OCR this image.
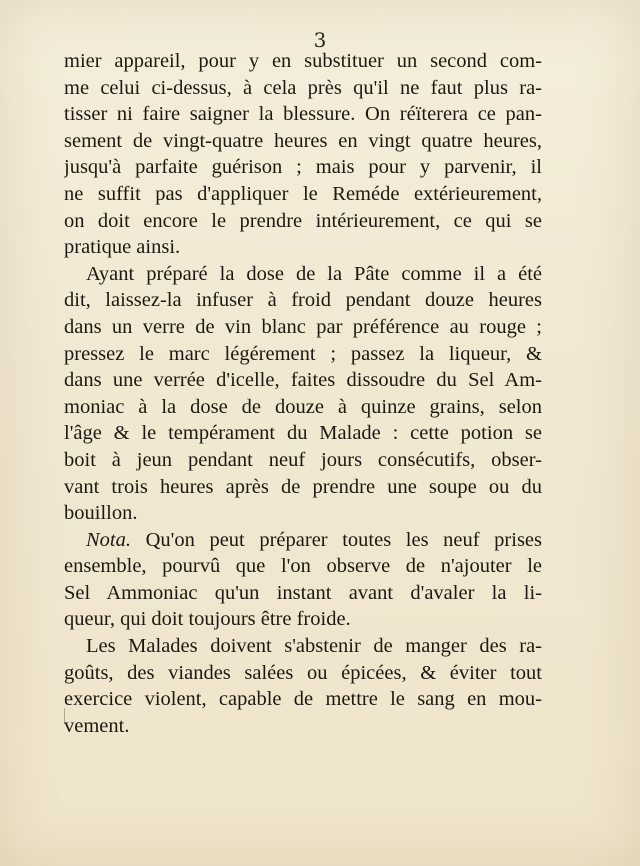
3
mier appareil, pour y en substituer un second com-
me celui ci-dessus, à cela près qu'il ne faut plus ra-
tisser ni faire saigner la blessure. On réïterera ce pan-
sement de vingt-quatre heures en vingt quatre heures,
jusqu'à parfaite guérison ; mais pour y parvenir, il
ne suffit pas d'appliquer le Reméde extérieurement,
on doit encore le prendre intérieurement, ce qui se
pratique ainsi.
Ayant préparé la dose de la Pâte comme il a été
dit, laissez-la infuser à froid pendant douze heures
dans un verre de vin blanc par préférence au rouge ;
pressez le marc légérement ; passez la liqueur, &
dans une verrée d'icelle, faites dissoudre du Sel Am-
moniac à la dose de douze à quinze grains, selon
l'âge & le tempérament du Malade : cette potion se
boit à jeun pendant neuf jours consécutifs, obser-
vant trois heures après de prendre une soupe ou du
bouillon.
Nota. Qu'on peut préparer toutes les neuf prises
ensemble, pourvû que l'on observe de n'ajouter le
Sel Ammoniac qu'un instant avant d'avaler la li-
queur, qui doit toujours être froide.
Les Malades doivent s'abstenir de manger des ra-
goûts, des viandes salées ou épicées, & éviter tout
exercice violent, capable de mettre le sang en mou-
vement.
